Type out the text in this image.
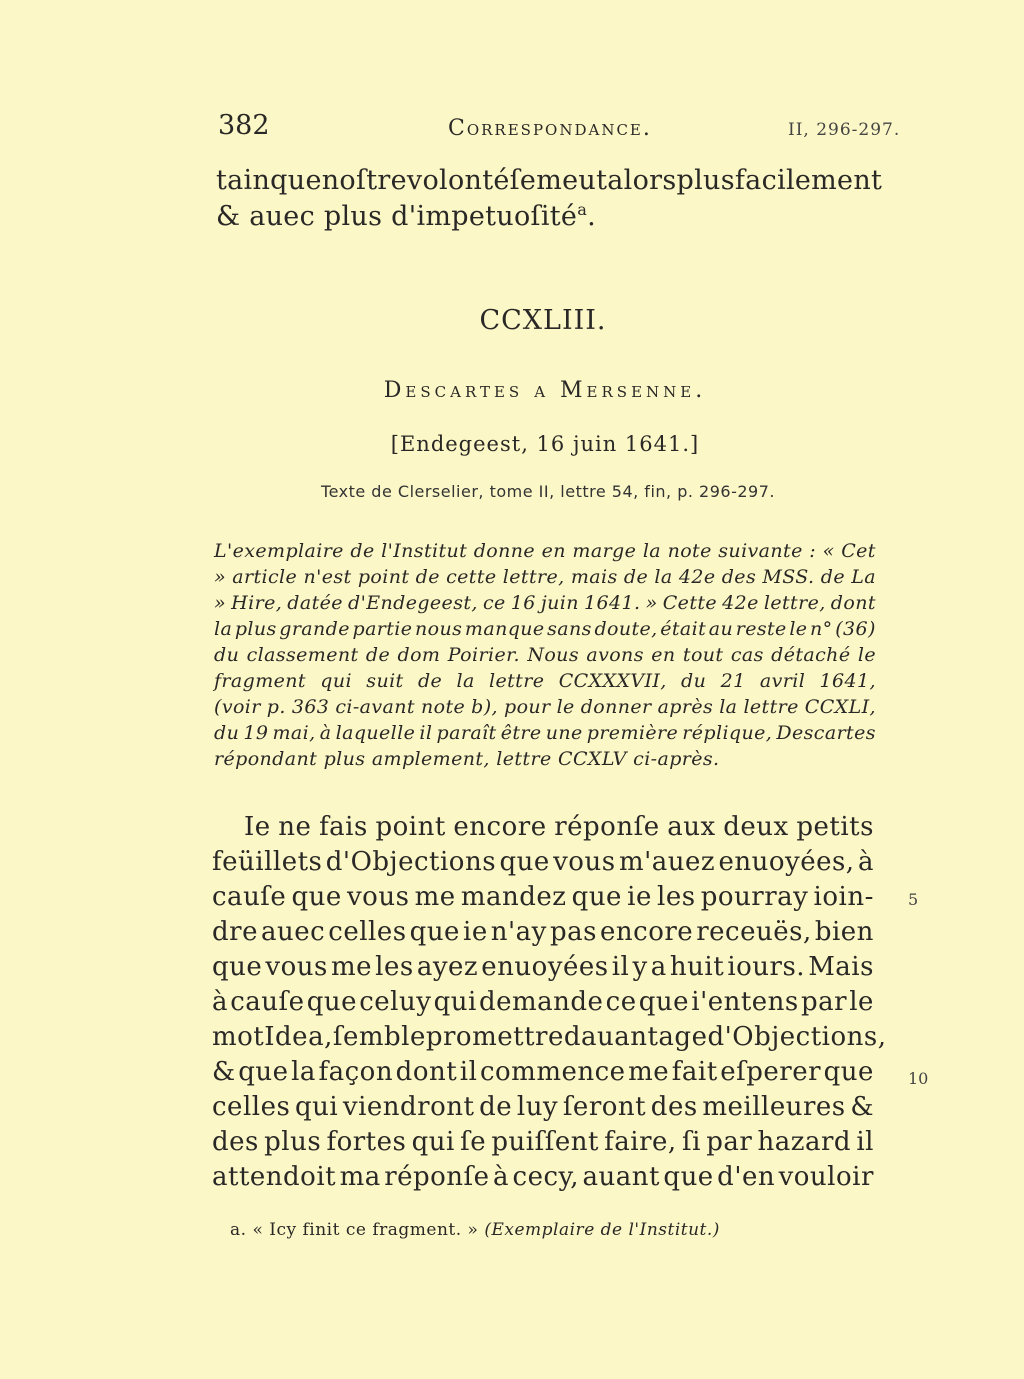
382	Correspondance.	II, 296-297.
tain que noſtre volonté ſe meut alors plus facilement
& auec plus d'impetuoſité$^a$.
CCXLIII.
Descartes a Mersenne.
[Endegeest, 16 juin 1641.]
Texte de Clerselier, tome II, lettre 54, fin, p. 296-297.
L'exemplaire de l'Institut donne en marge la note suivante : « Cet
» article n'est point de cette lettre, mais de la 42e des MSS. de La
» Hire, datée d'Endegeest, ce 16 juin 1641. » Cette 42e lettre, dont
la plus grande partie nous manque sans doute, était au reste le n° (36)
du classement de dom Poirier. Nous avons en tout cas détaché le
fragment qui suit de la lettre CCXXXVII, du 21 avril 1641,
(voir p. 363 ci-avant note b), pour le donner après la lettre CCXLI,
du 19 mai, à laquelle il paraît être une première réplique, Descartes
répondant plus amplement, lettre CCXLV ci-après.
Ie ne fais point encore réponſe aux deux petits
feüillets d'Objections que vous m'auez enuoyées, à
cauſe que vous me mandez que ie les pourray ioin-
dre auec celles que ie n'ay pas encore receuës, bien
que vous me les ayez enuoyées il y a huit iours. Mais
à cauſe que celuy qui demande ce que i'entens par le
mot Idea, ſemble promettre dauantage d'Objections,
& que la façon dont il commence me fait eſperer que
celles qui viendront de luy ſeront des meilleures &
des plus fortes qui ſe puiſſent faire, ſi par hazard il
attendoit ma réponſe à cecy, auant que d'en vouloir
5
10
a. « Icy finit ce fragment. » (Exemplaire de l'Institut.)
